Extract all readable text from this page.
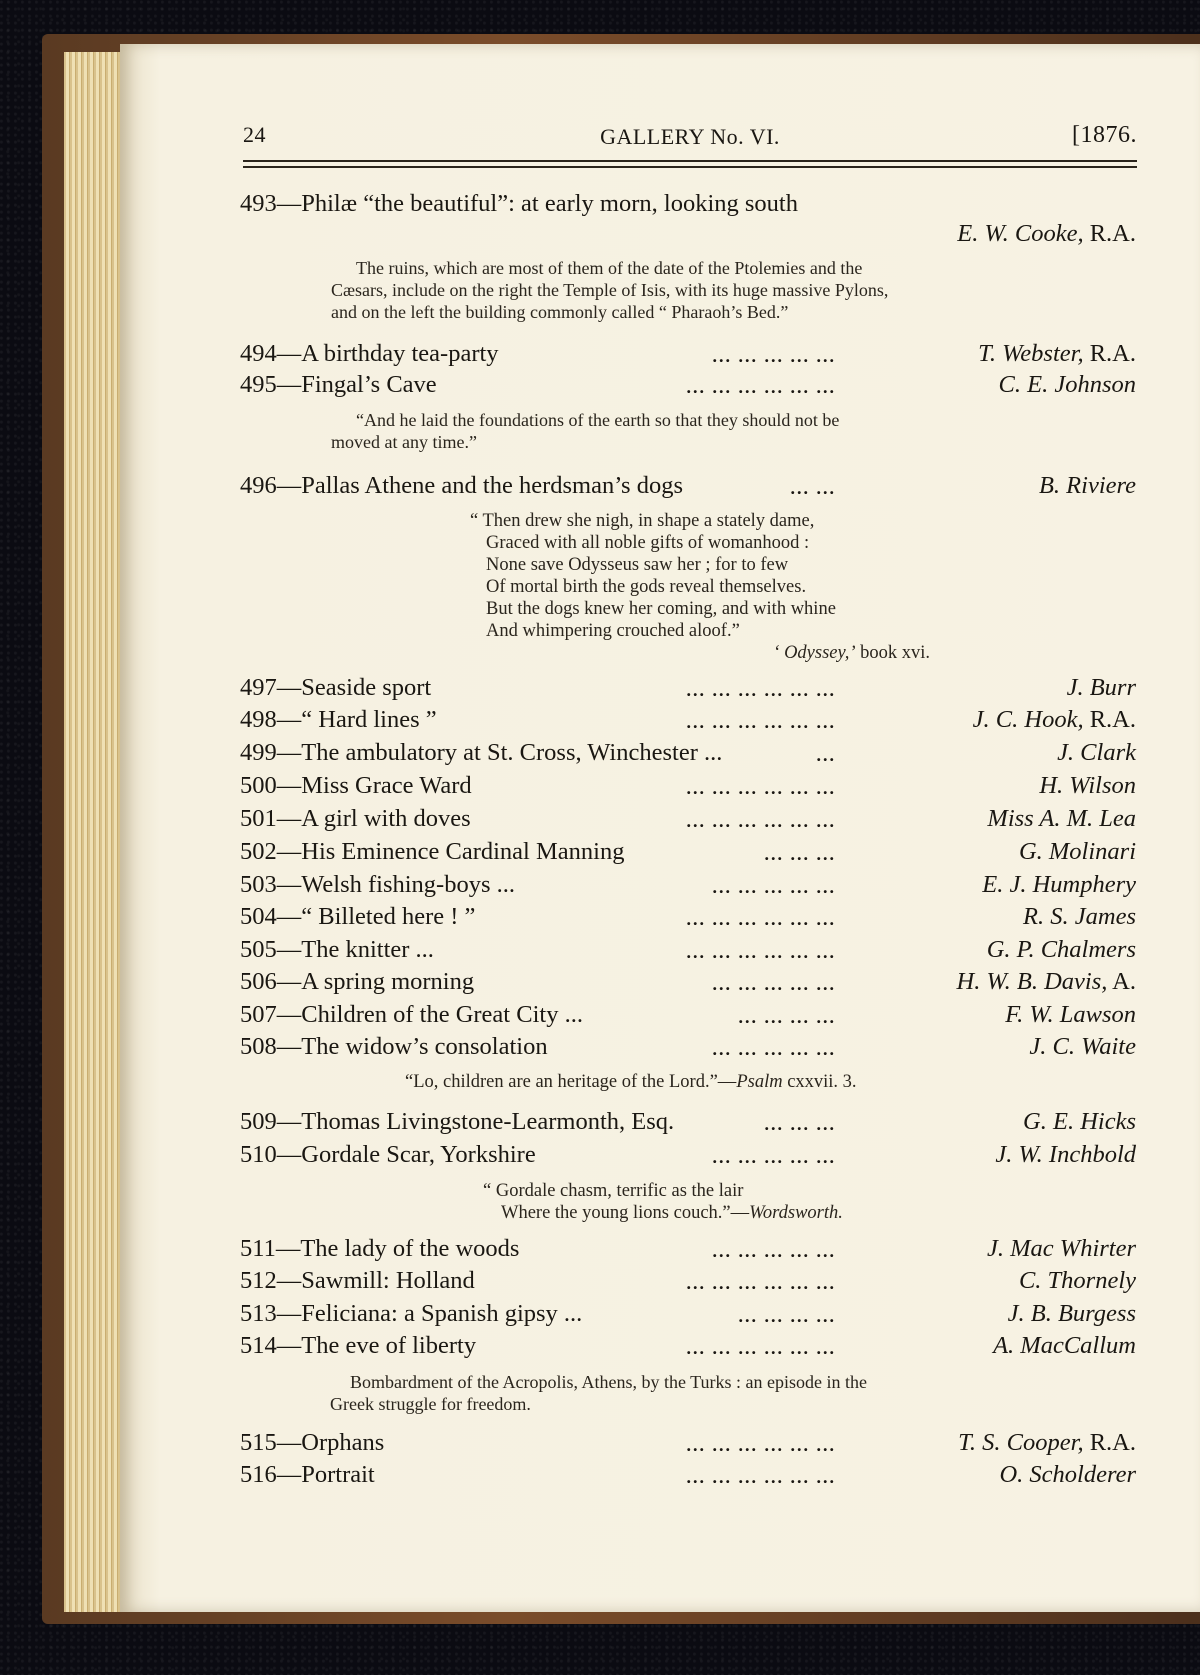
24	GALLERY No. VI.	[1876.
493—Philæ “the beautiful”: at early morn, looking south
E. W. Cooke, R.A.
The ruins, which are most of them of the date of the Ptolemies and the
Cæsars, include on the right the Temple of Isis, with its huge massive Pylons,
and on the left the building commonly called “ Pharaoh’s Bed.”
494—A birthday tea-party	... ... ... ... ...	T. Webster, R.A.
495—Fingal’s Cave	... ... ... ... ... ...	C. E. Johnson
“And he laid the foundations of the earth so that they should not be
moved at any time.”
496—Pallas Athene and the herdsman’s dogs	... ...	B. Riviere
“ Then drew she nigh, in shape a stately dame,
Graced with all noble gifts of womanhood :
None save Odysseus saw her ; for to few
Of mortal birth the gods reveal themselves.
But the dogs knew her coming, and with whine
And whimpering crouched aloof.”
‘ Odyssey,’ book xvi.
497—Seaside sport	... ... ... ... ... ...	J. Burr
498—“ Hard lines ”	... ... ... ... ... ...	J. C. Hook, R.A.
499—The ambulatory at St. Cross, Winchester ...	...	J. Clark
500—Miss Grace Ward	... ... ... ... ... ...	H. Wilson
501—A girl with doves	... ... ... ... ... ...	Miss A. M. Lea
502—His Eminence Cardinal Manning	... ... ...	G. Molinari
503—Welsh fishing-boys ...	... ... ... ... ...	E. J. Humphery
504—“ Billeted here ! ”	... ... ... ... ... ...	R. S. James
505—The knitter ...	... ... ... ... ... ...	G. P. Chalmers
506—A spring morning	... ... ... ... ...	H. W. B. Davis, A.
507—Children of the Great City ...	... ... ... ...	F. W. Lawson
508—The widow’s consolation	... ... ... ... ...	J. C. Waite
“Lo, children are an heritage of the Lord.”—Psalm cxxvii. 3.
509—Thomas Livingstone-Learmonth, Esq.	... ... ...	G. E. Hicks
510—Gordale Scar, Yorkshire	... ... ... ... ...	J. W. Inchbold
“ Gordale chasm, terrific as the lair
Where the young lions couch.”—Wordsworth.
511—The lady of the woods	... ... ... ... ...	J. Mac Whirter
512—Sawmill: Holland	... ... ... ... ... ...	C. Thornely
513—Feliciana: a Spanish gipsy ...	... ... ... ...	J. B. Burgess
514—The eve of liberty	... ... ... ... ... ...	A. MacCallum
Bombardment of the Acropolis, Athens, by the Turks : an episode in the
Greek struggle for freedom.
515—Orphans	... ... ... ... ... ...	T. S. Cooper, R.A.
516—Portrait	... ... ... ... ... ...	O. Scholderer
